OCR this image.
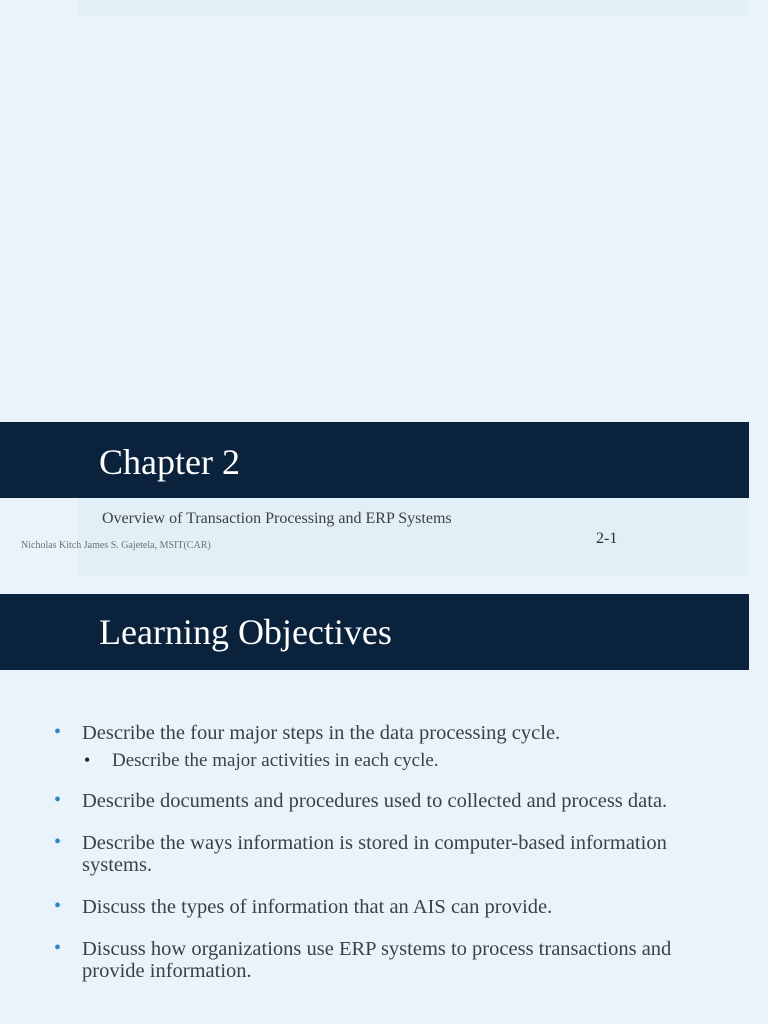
Chapter 2
Overview of Transaction Processing and ERP Systems
Nicholas Kitch James S. Gajetela, MSIT(CAR)	2-1
Learning Objectives
• Describe the four major steps in the data processing cycle.
• Describe the major activities in each cycle.
• Describe documents and procedures used to collected and process data.
• Describe the ways information is stored in computer-based information systems.
• Discuss the types of information that an AIS can provide.
• Discuss how organizations use ERP systems to process transactions and provide information.
